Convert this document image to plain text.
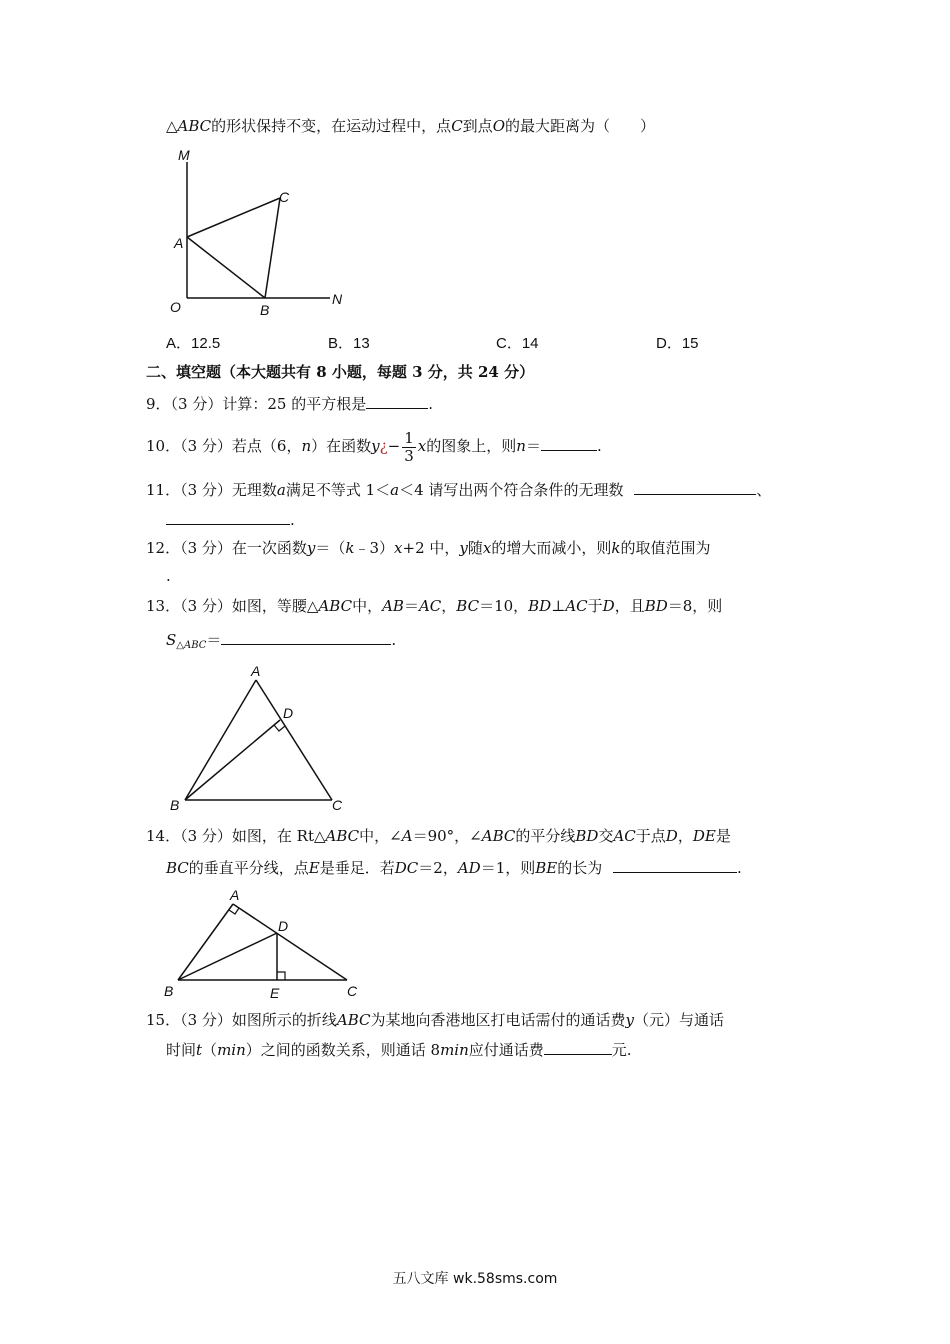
△ABC的形状保持不变，在运动过程中，点C到点O的最大距离为（　　）
M
C
A
O	B
N
A．12.5	B．13	C．14	D．15
二、填空题（本大题共有 8 小题，每题 3 分，共 24 分）
9．（3 分）计算：25 的平方根是	.
10．（3 分）若点（6，n）在函数y¿− $\frac{1}{3}$ x的图象上，则n＝	.
11．（3 分）无理数a满足不等式 1＜a＜4 请写出两个符合条件的无理数	、
.
12．（3 分）在一次函数y＝（k﹣3）x+2 中，y随x的增大而减小，则k的取值范围为
.
13．（3 分）如图，等腰△ABC中，AB＝AC，BC＝10，BD⊥AC于D，且BD＝8，则
$S_{\triangle ABC}=$	.
A
D
B	C
14．（3 分）如图，在 Rt△ABC中，∠A＝90°，∠ABC的平分线BD交AC于点D，DE是
BC的垂直平分线，点E是垂足．若DC＝2，AD＝1，则BE的长为	.
A
D
B	E	C
15．（3 分）如图所示的折线ABC为某地向香港地区打电话需付的通话费y（元）与通话
时间t（min）之间的函数关系，则通话 8min应付通话费	元.
五八文库 wk.58sms.com
